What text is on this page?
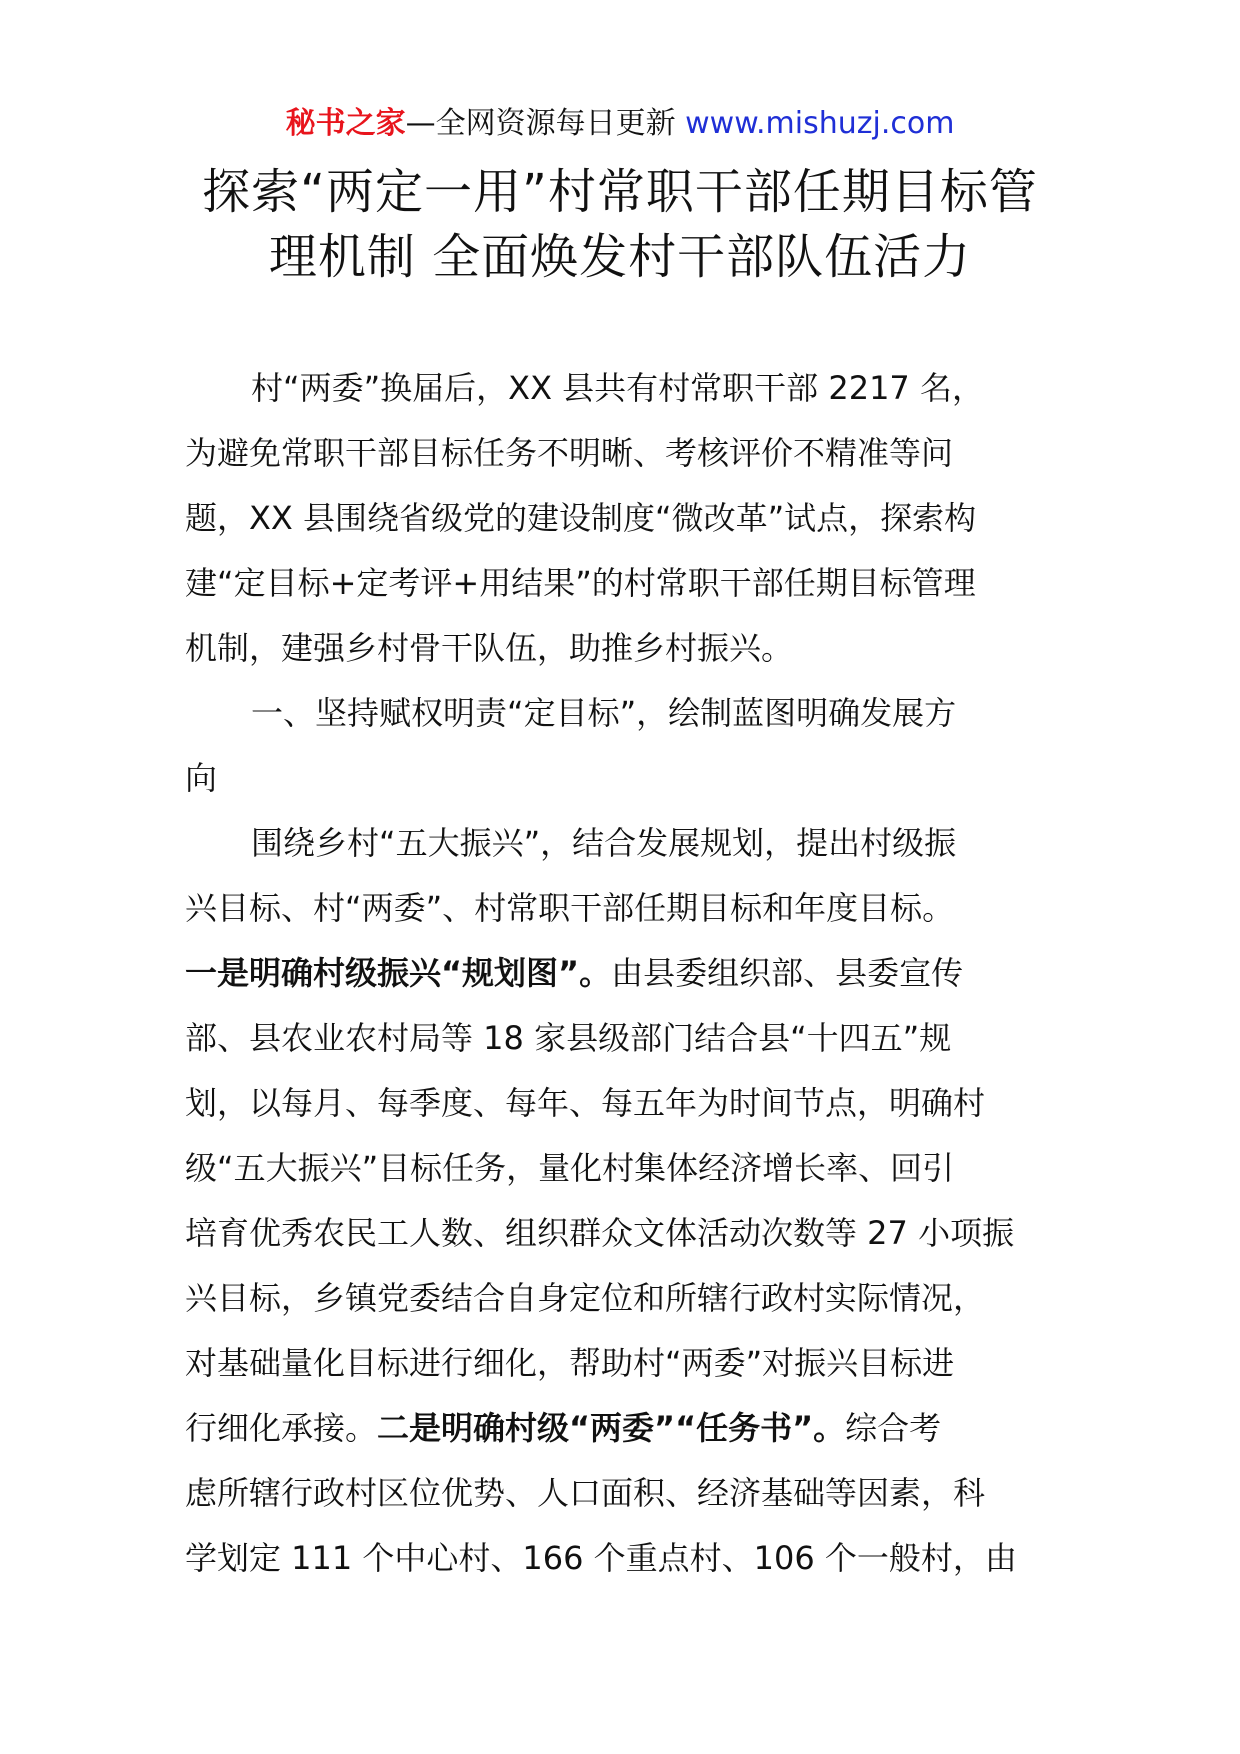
秘书之家—全网资源每日更新 www.mishuzj.com
探索“两定一用”村常职干部任期目标管
理机制 全面焕发村干部队伍活力
村“两委”换届后，XX 县共有村常职干部 2217 名，
为避免常职干部目标任务不明晰、考核评价不精准等问
题，XX 县围绕省级党的建设制度“微改革”试点，探索构
建“定目标+定考评+用结果”的村常职干部任期目标管理
机制，建强乡村骨干队伍，助推乡村振兴。
一、坚持赋权明责“定目标”，绘制蓝图明确发展方
向
围绕乡村“五大振兴”，结合发展规划，提出村级振
兴目标、村“两委”、村常职干部任期目标和年度目标。
一是明确村级振兴“规划图”。由县委组织部、县委宣传
部、县农业农村局等 18 家县级部门结合县“十四五”规
划，以每月、每季度、每年、每五年为时间节点，明确村
级“五大振兴”目标任务，量化村集体经济增长率、回引
培育优秀农民工人数、组织群众文体活动次数等 27 小项振
兴目标，乡镇党委结合自身定位和所辖行政村实际情况，
对基础量化目标进行细化，帮助村“两委”对振兴目标进
行细化承接。二是明确村级“两委”“任务书”。综合考
虑所辖行政村区位优势、人口面积、经济基础等因素，科
学划定 111 个中心村、166 个重点村、106 个一般村，由
